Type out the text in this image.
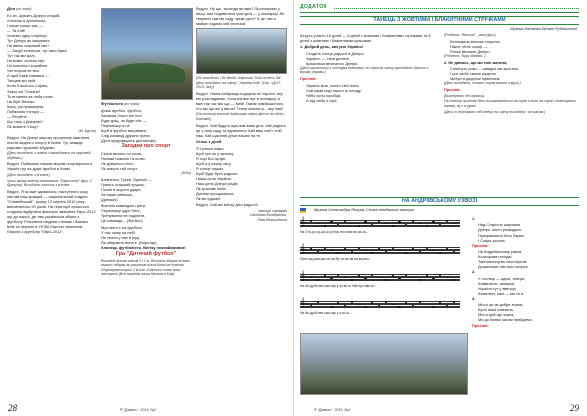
Діти (по черзі)

Ех-ех, шумить Дніпро старий,
Хлопчик в долоньках,
І наше сонце рас —
— Та стій!
Хочемо одну сторінку!
Тут Дніпро як зашумить
На ввесь широкий світ!
— Зачуй есплески, тут лиш бриз!
Тут так ми зрілі,
На вовю, сильно пф!
Но моєсного кораблик
Усе вітром не впо.
А щоб Києв з'явився —
Танцюв ми прій
Коли б якогось з-прим,
Ззаху ою 'Січев'м'!
То вглянем на неба голих
На біре Велико
Інша, рік проминули,
Побачимо п'ятору —
— Регуйте!
Що тану з Дніпром?
Як можете ХІоку?

(М. Бур'ян)

Ведучі. На Дніпрі широку прогресив змагання пілоти-водного спорту в Києві. Тут завжди рідними грушевій збудемо.

(Діти виходять з човнів і наглядають на грушевій збудемо.)

Ведучі. Побачимо нашим морям популярного в Україні гру на дуже футбол в Києві.

(Діти виходять з м'ячем.)

Чути якому власну маскованих "Євросонце" (муз. У. Драгуна). Виходить хлопчик з м'ячем

Ведучі. Я як вже здавалося, наступного року, настав наш кращий — національний стадіон "Олімпійський", якому 12 серпня 2012 року виповнилось 90 років. На території сучасного стадіону відбулися фінальні змагання Євро-2012 що до нашої, де там українська збірна з футболу. Розповіла людина з Києва і Львова. Київ та переміг в УЄФА Європи чемпіонат Європи з футболу "Євро-2012".

Футболісти (по черзі)

Дома футбол, футбол,
Запалив Злого він гол!
Буде дощ, чи буде сніг —
Переможці ж ні!
Щоб в футбол вигравати,
Слід команді дружно грати.
(Діти продовжують дистанцію)

Загадки про спорт

Скачи весело по полю,
Ногами наволю і в полю,
Не дивиться ніхто,
Як кажуть той спорт.

(М'яч)

Шевченко, Гусєв, Лужний —
Грають старший кружок,
Почне в ворота удари,
За наше київське...
(Динамо)
Вченою командою грати,
Переможці здуті бить,
Тренування не поділяти,
Це команди... (Футбол)
Мустанги є на футболі,
У нас хмар на небі.
Не тепла у нас в руці,
Як обирають вона є. (Воротар)

Хлопець футболісти. Влітку познайомився!

Гра "Дитячий футбол"

Вчитель візьме зовсім 2 і 2 м. Вчитель вдаряє м'ячем ворот і вдаряє за рахунком м'яча бити не повинні. Отримуватимуть 1 м'яча. Учасники тими вони наступної (Все передає наша Москва в Київ)

Ведучі. Ну що, троянди ви вже? Пропонуємо у місці, але подивитися усім діти — у зоопарку! Як тварини там ми саду чуємо діти? А це там я майже ходимо мій хлопчик!

(Ліс виходить і до дітей. Картина "Київ на весь біг". Діти виходять на сцену: "Україна Київ" (Cas, «ДОТ, 2013, №4))

Ведучі. Наша найкраща подорож по Україні, яку ми розглядаємо. Хоча ми все ще в зоопарку, а вже так час міс що — Київ! Таким пом'якшилося, хто ми ще всі у ваготі! Тепер можна ж... яку нам!

(На столиці гостей Київського ліжка (фото на одно) - Ковтків!)

Ведучі. Хай будуть щасливі ваші діти, хай радість це у наш саду та вдоволено Хай ваш хліб і хліб наш Хай щасливі дітки наших на те.

Хтось з дітей

Я тулюся ніжко,
Щоб усе як у хатинці,
Я зорі Бог цілую,
Щоб я у кожну хату,
Я сонце наших,
Щоб буде бути радісно
Наша сила Україна.
Наш день Дніпро радіє,
Як красиве неба,
Дитини прощаємося,
Як ви чудово!

Ведучі. Хай всі влітку діти радості!

Автори сценарію
Світлана Бондаренко,
Лілія Великодська

28	® "Джміль", 2013, №2
ДОДАТОК
ТАНЕЦЬ З ЖОВТИМИ І БЛАКИТНИМИ СТРІЧКАМИ
Музика Наталки Віталі Рубальської

Беруть участь 16 дітей — 8 дітей з жовтими і блакитними стрічками та 8 дітей з жовтими і блакитними кульками.

1. Добрий день, матусю Україно!

Сходить сонце радості в Дніпро,
Україно, — твоя дитина,
Красилька весняного Дніпра.

(Діти-кірчастики з чотирма дзвонами, по черзі на сцену проходять бачити з музику вправи.)

Приспів:

Україно моя, золоті твої поля,
Хай нама соді такого ж голоду,
Небо ясно горобця,
А від хлібу є сіра.

(Роблять "Віночок" - різні руки.)

Вплющили віночки соцелос,
Ніжне літнє сонце —
Ранок весняне Дніпро.

(Роблять "Круг дзвінки".)

2. Не дивись, що ми тані малеча,

Сплинуть роки — швидко ми зростем,
І усе любе своєю радістю
Матусі в дарунок принесем.

(Діти виходять, стоячи сором'язливо в кругі.)

Приспів:

(Виконують без музики)

На повтор приспіву діти вишиковуються на сцені в коло на сцені і колючнують вправу, як є в руках.

(Діти зі стрічками і під кінець на сцену виходять і всі разом.)

НА АНДРІЇВСЬКОМУ УЗВОЗІ
Музика Олександра Янчука. Слова невідомого автора
𝄞
На Ста-ро-чу-цю-зі-рі пор-ни слав-не-ра-за...
𝄞
Прип-іщ-шив-ши-ли на-бу-ти-ни-ни ви-ва-вно...
𝄞
На Ан-дрій-пев-сько-му-у уз-во-зі Хай про-вів-ся...
𝄞
На Ан-дрій-пев-сько-му у-з-во-зі...

1.

Над Старістю широким
Дніпро, місто розкидали
Прикрашають його барви
І Софія золота.

Приспів:

На Андріївському узвозі
Кольорова погода!
Там мистецтво спостерігає
Дошкільнят нас всіх спорих.

2.

У столиці — циркі, театри,
Анімалісти, анімали,
Україна тут у ввечорі
Комплект, нам — ми та я.

3.

Місто це як добре знаєм,
Було наші співають,
Місто цей ще зорна,
Ми до Києва часом прийдемо.

Приспів:

® "Джміль", 2013, №2	29
